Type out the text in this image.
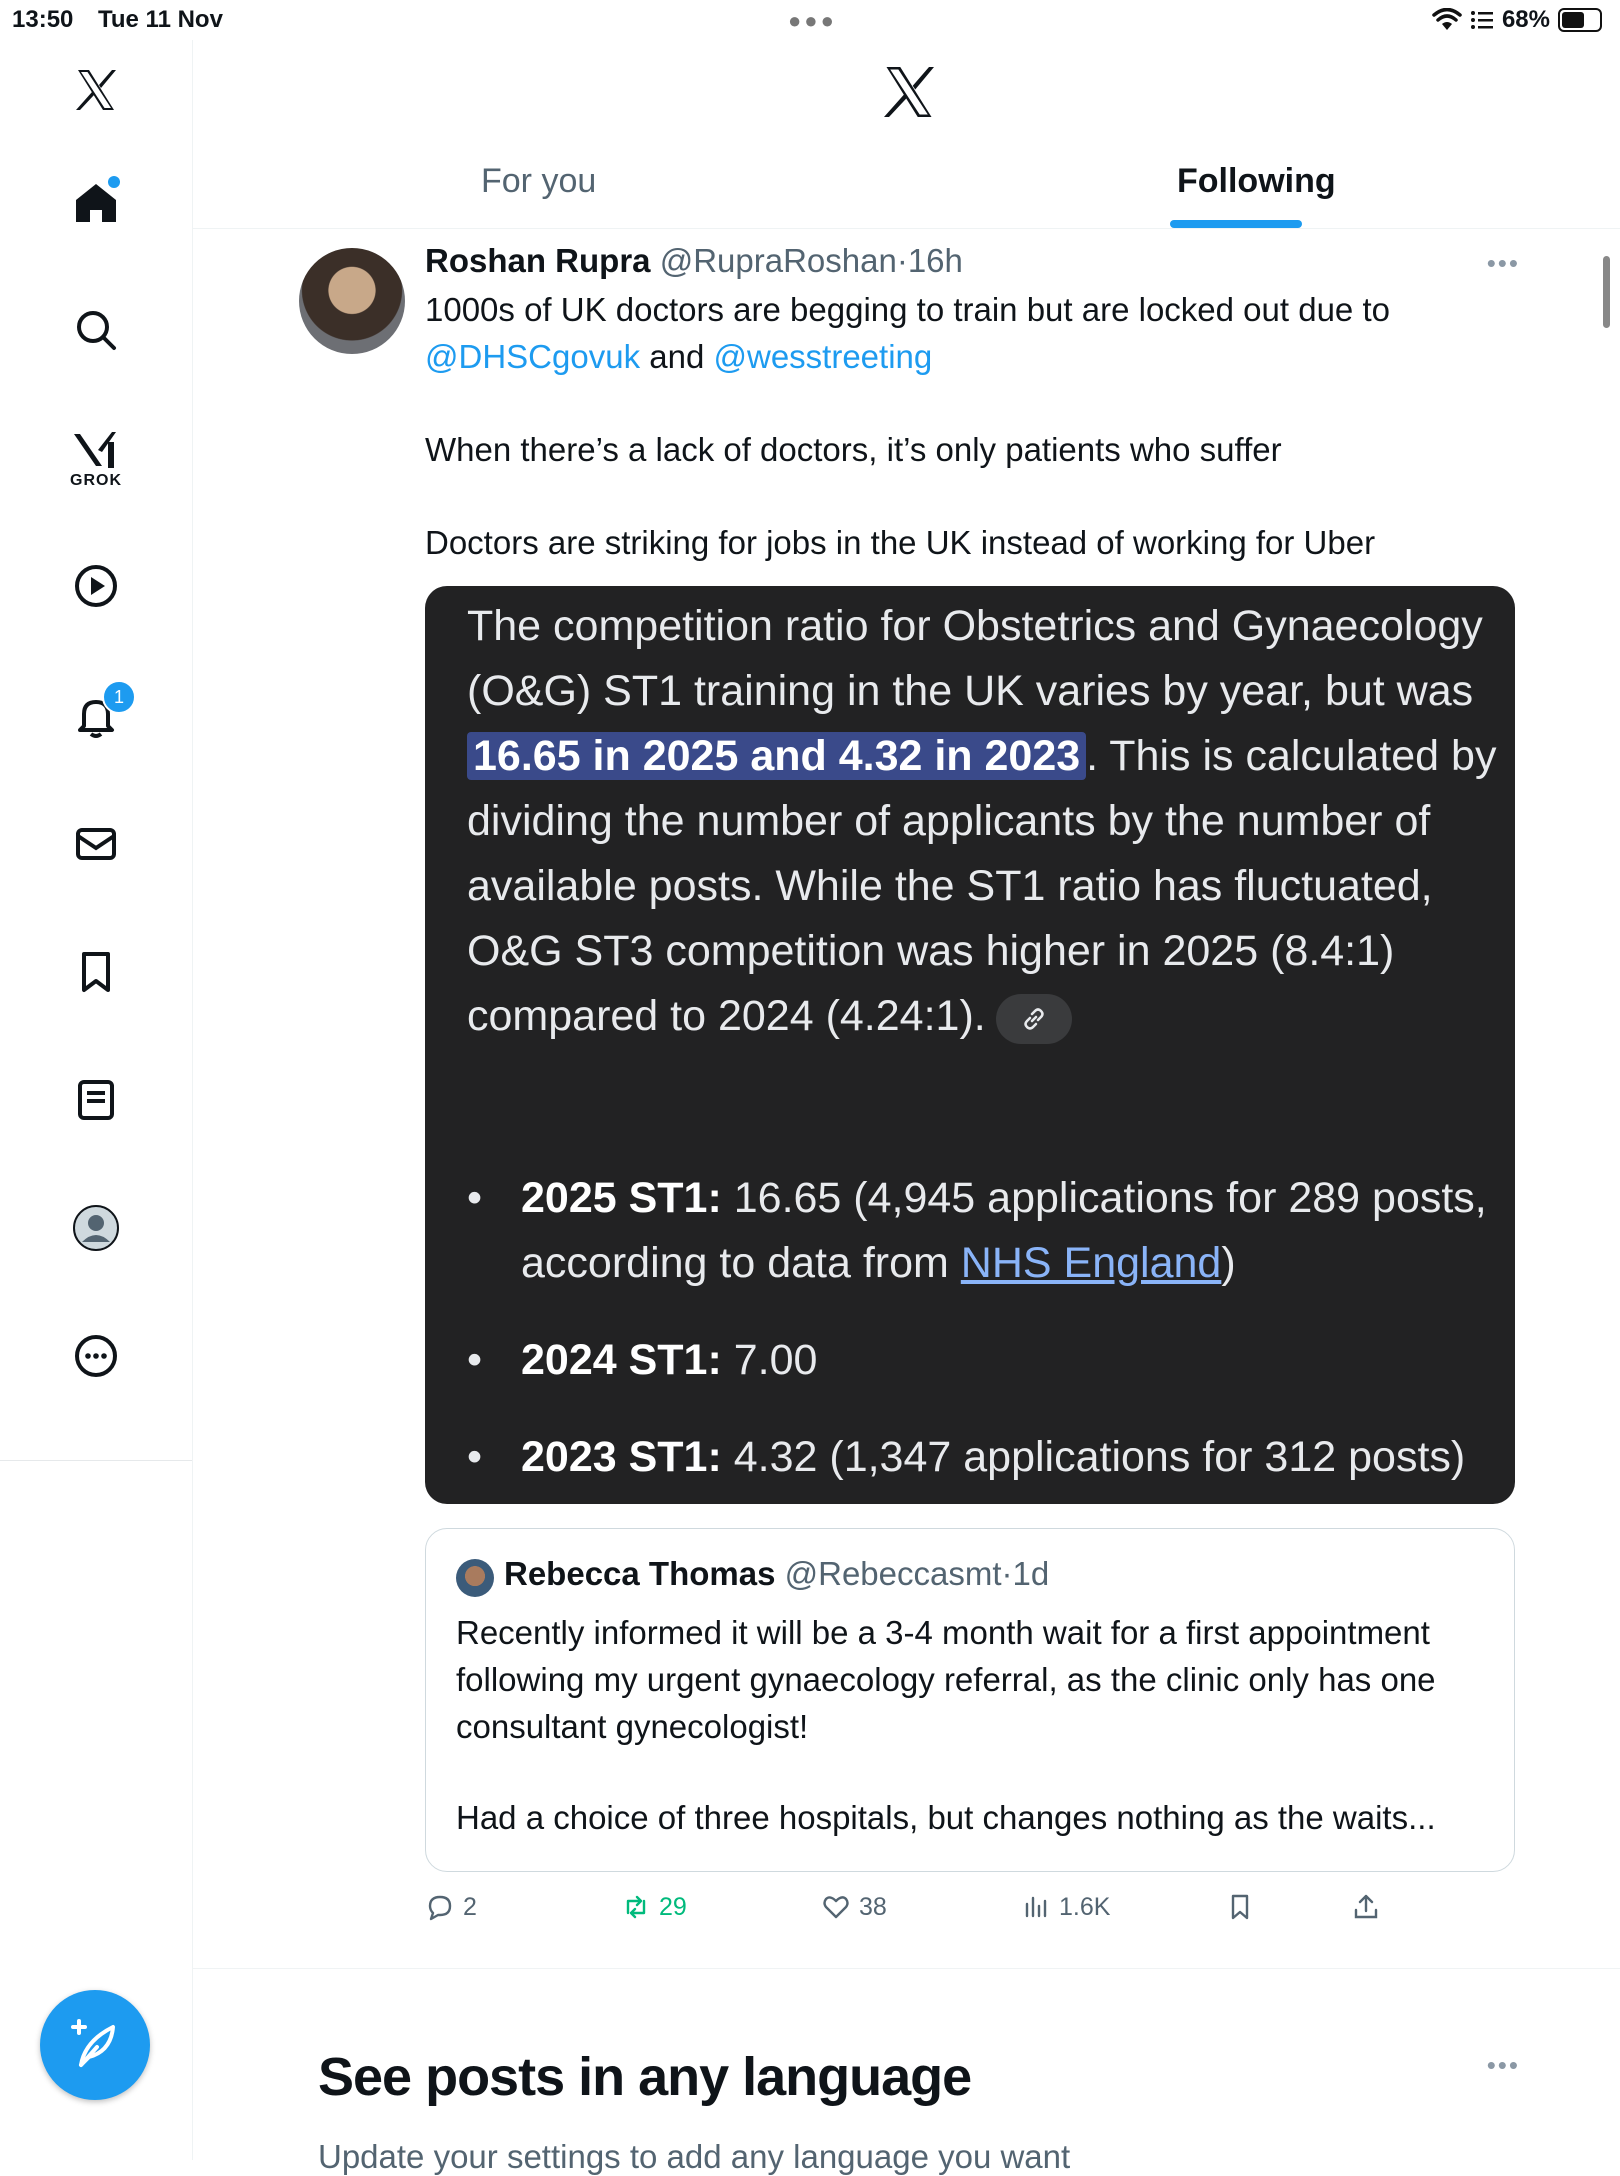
13:50 Tue 11 Nov	●●●	68%
GROK
1
For you	Following
Roshan Rupra @RupraRoshan·16h	•••

1000s of UK doctors are begging to train but are locked out due to
@DHSCgovuk and @wesstreeting

When there’s a lack of doctors, it’s only patients who suffer

Doctors are striking for jobs in the UK instead of working for Uber

The competition ratio for Obstetrics and Gynaecology (O&G) ST1 training in the UK varies by year, but was 16.65 in 2025 and 4.32 in 2023 . This is calculated by dividing the number of applicants by the number of available posts. While the ST1 ratio has fluctuated, O&G ST3 competition was higher in 2025 (8.4:1) compared to 2024 (4.24:1).
• 2025 ST1: 16.65 (4,945 applications for 289 posts, according to data from NHS England)
• 2024 ST1: 7.00
• 2023 ST1: 4.32 (1,347 applications for 312 posts)
Rebecca Thomas @Rebeccasmt·1d

Recently informed it will be a 3-4 month wait for a first appointment following my urgent gynaecology referral, as the clinic only has one consultant gynecologist!

Had a choice of three hospitals, but changes nothing as the waits...

2	29	38	1.6K
See posts in any language	•••
Update your settings to add any language you want
